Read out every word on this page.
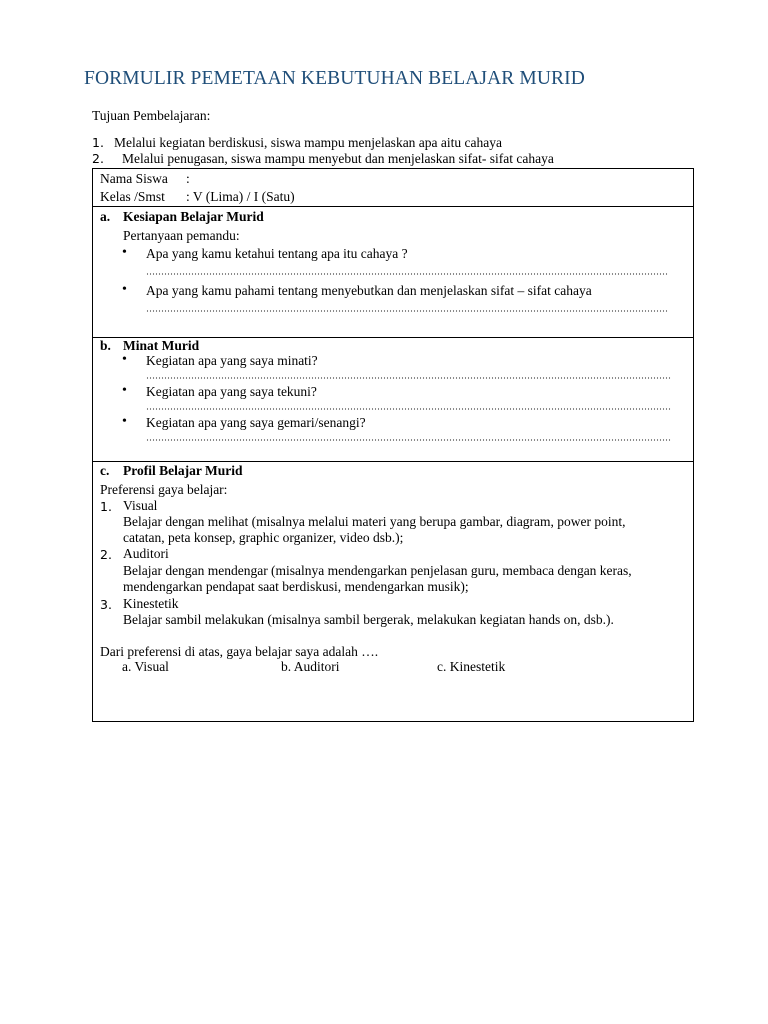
FORMULIR PEMETAAN KEBUTUHAN BELAJAR MURID
Tujuan Pembelajaran:
1. Melalui kegiatan berdiskusi, siswa mampu menjelaskan apa aitu cahaya
2. Melalui penugasan, siswa mampu menyebut dan menjelaskan sifat- sifat cahaya
Nama Siswa :
Kelas /Smst : V (Lima) / I (Satu)
a. Kesiapan Belajar Murid
Pertanyaan pemandu:
• Apa yang kamu ketahui tentang apa itu cahaya ?
• Apa yang kamu pahami tentang menyebutkan dan menjelaskan sifat – sifat cahaya
b. Minat Murid
• Kegiatan apa yang saya minati?
• Kegiatan apa yang saya tekuni?
• Kegiatan apa yang saya gemari/senangi?
c. Profil Belajar Murid
Preferensi gaya belajar:
1. Visual
Belajar dengan melihat (misalnya melalui materi yang berupa gambar, diagram, power point,
catatan, peta konsep, graphic organizer, video dsb.);
2. Auditori
Belajar dengan mendengar (misalnya mendengarkan penjelasan guru, membaca dengan keras,
mendengarkan pendapat saat berdiskusi, mendengarkan musik);
3. Kinestetik
Belajar sambil melakukan (misalnya sambil bergerak, melakukan kegiatan hands on, dsb.).
Dari preferensi di atas, gaya belajar saya adalah ….
a. Visual	b. Auditori	c. Kinestetik
